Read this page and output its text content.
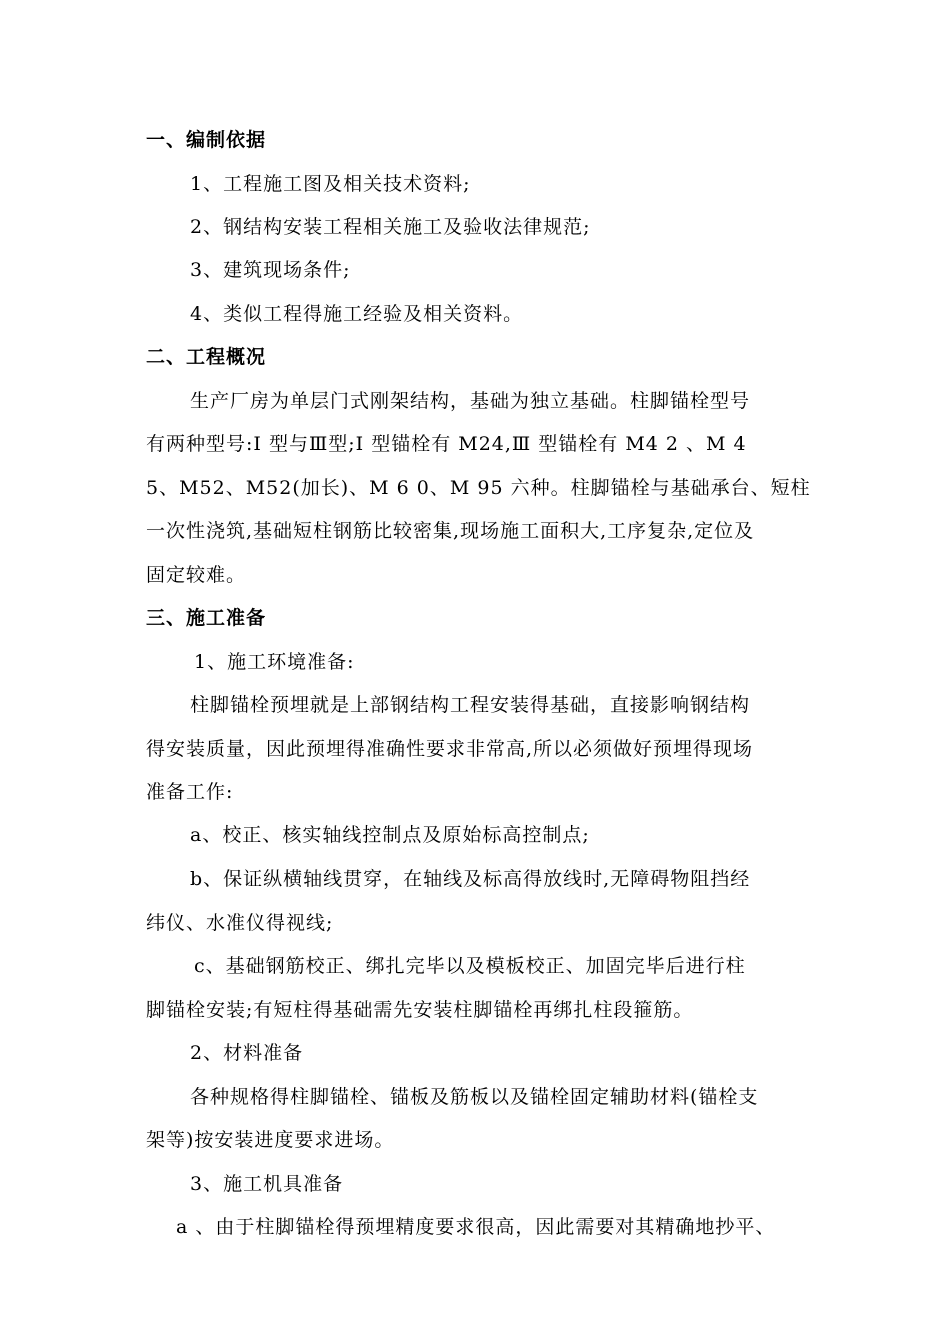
一、编制依据
1、工程施工图及相关技术资料;
2、钢结构安装工程相关施工及验收法律规范;
3、建筑现场条件;
4、类似工程得施工经验及相关资料。
二、工程概况
生产厂房为单层门式刚架结构，基础为独立基础。柱脚锚栓型号
有两种型号:Ⅰ 型与Ⅲ型;Ⅰ 型锚栓有 M24,Ⅲ 型锚栓有 M4 2 、M 4
5、M52、M52(加长)、M 6 0、M 95 六种。柱脚锚栓与基础承台、短柱
一次性浇筑,基础短柱钢筋比较密集,现场施工面积大,工序复杂,定位及
固定较难。
三、施工准备
1、施工环境准备:
柱脚锚栓预埋就是上部钢结构工程安装得基础，直接影响钢结构
得安装质量，因此预埋得准确性要求非常高,所以必须做好预埋得现场
准备工作:
a、校正、核实轴线控制点及原始标高控制点;
b、保证纵横轴线贯穿，在轴线及标高得放线时,无障碍物阻挡经
纬仪、水准仪得视线;
c、基础钢筋校正、绑扎完毕以及模板校正、加固完毕后进行柱
脚锚栓安装;有短柱得基础需先安装柱脚锚栓再绑扎柱段箍筋。
2、材料准备
各种规格得柱脚锚栓、锚板及筋板以及锚栓固定辅助材料(锚栓支
架等)按安装进度要求进场。
3、施工机具准备
a 、由于柱脚锚栓得预埋精度要求很高，因此需要对其精确地抄平、
